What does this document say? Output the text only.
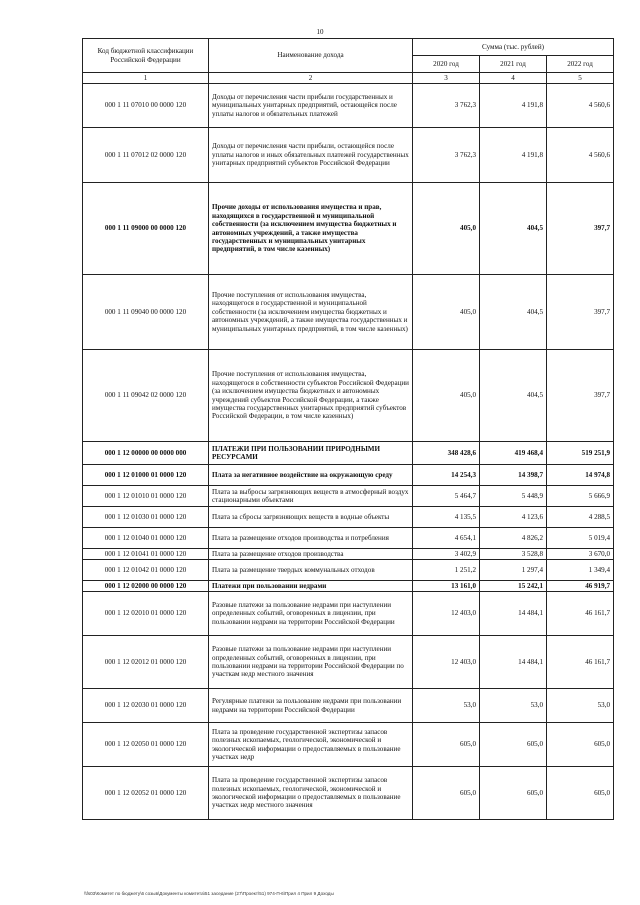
10
Код бюджетной классификации Российской Федерации	Наименование дохода	Сумма (тыс. рублей)		
		2020 год	2021 год	2022 год
1	2	3	4	5
000 1 11 07010 00 0000 120	Доходы от перечисления части прибыли государственных и муниципальных унитарных предприятий, остающейся после уплаты налогов и обязательных платежей	3 762,3	4 191,8	4 560,6
000 1 11 07012 02 0000 120	Доходы от перечисления части прибыли, остающейся после уплаты налогов и иных обязательных платежей государственных унитарных предприятий субъектов Российской Федерации	3 762,3	4 191,8	4 560,6
000 1 11 09000 00 0000 120	Прочие доходы от использования имущества и прав, находящихся в государственной и муниципальной собственности (за исключением имущества бюджетных и автономных учреждений, а также имущества государственных и муниципальных унитарных предприятий, в том числе казенных)	405,0	404,5	397,7
000 1 11 09040 00 0000 120	Прочие поступления от использования имущества, находящегося в государственной и муниципальной собственности (за исключением имущества бюджетных и автономных учреждений, а также имущества государственных и муниципальных унитарных предприятий, в том числе казенных)	405,0	404,5	397,7
000 1 11 09042 02 0000 120	Прочие поступления от использования имущества, находящегося в собственности субъектов Российской Федерации (за исключением имущества бюджетных и автономных учреждений субъектов Российской Федерации, а также имущества государственных унитарных предприятий субъектов Российской Федерации, в том числе казенных)	405,0	404,5	397,7
000 1 12 00000 00 0000 000	ПЛАТЕЖИ ПРИ ПОЛЬЗОВАНИИ ПРИРОДНЫМИ РЕСУРСАМИ	348 428,6	419 468,4	519 251,9
000 1 12 01000 01 0000 120	Плата за негативное воздействие на окружающую среду	14 254,3	14 398,7	14 974,8
000 1 12 01010 01 0000 120	Плата за выбросы загрязняющих веществ в атмосферный воздух стационарными объектами	5 464,7	5 448,9	5 666,9
000 1 12 01030 01 0000 120	Плата за сбросы загрязняющих веществ в водные объекты	4 135,5	4 123,6	4 288,5
000 1 12 01040 01 0000 120	Плата за размещение отходов производства и потребления	4 654,1	4 826,2	5 019,4
000 1 12 01041 01 0000 120	Плата за размещение отходов производства	3 402,9	3 528,8	3 670,0
000 1 12 01042 01 0000 120	Плата за размещение твердых коммунальных отходов	1 251,2	1 297,4	1 349,4
000 1 12 02000 00 0000 120	Платежи при пользовании недрами	13 161,0	15 242,1	46 919,7
000 1 12 02010 01 0000 120	Разовые платежи за пользование недрами при наступлении определенных событий, оговоренных в лицензии, при пользовании недрами на территории Российской Федерации	12 403,0	14 484,1	46 161,7
000 1 12 02012 01 0000 120	Разовые платежи за пользование недрами при наступлении определенных событий, оговоренных в лицензии, при пользовании недрами на территории Российской Федерации по участкам недр местного значения	12 403,0	14 484,1	46 161,7
000 1 12 02030 01 0000 120	Регулярные платежи за пользование недрами при пользовании недрами на территории Российской Федерации	53,0	53,0	53,0
000 1 12 02050 01 0000 120	Плата за проведение государственной экспертизы запасов полезных ископаемых, геологической, экономической и экологической информации о предоставляемых в пользование участках недр	605,0	605,0	605,0
000 1 12 02052 01 0000 120	Плата за проведение государственной экспертизы запасов полезных ископаемых, геологической, экономической и экологической информации о предоставляемых в пользование участках недр местного значения	605,0	605,0	605,0
\\fs03\Комитет по бюджету\6 созыв\Документы комитета\51 заседание (27\Проект\51) 974-П-6\Прил 4 Прил 9 Доходы
